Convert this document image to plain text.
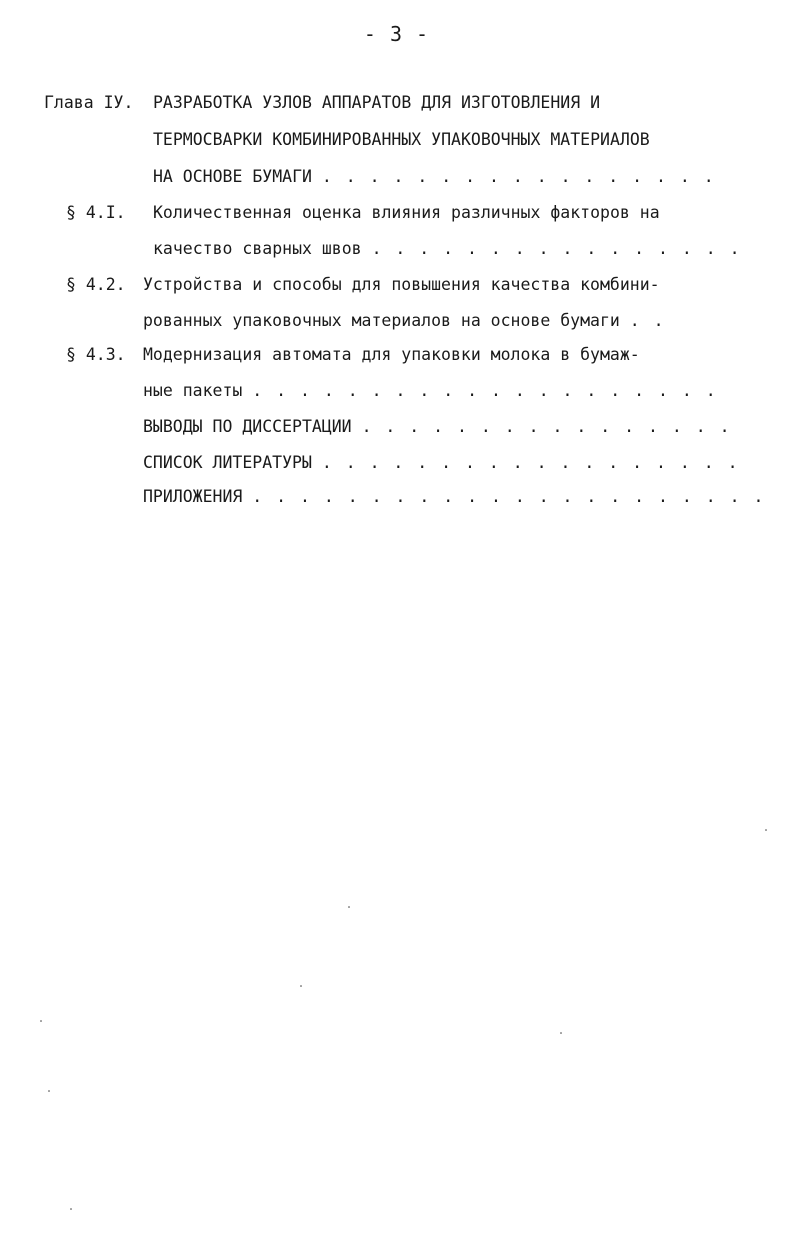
- 3 -
Глава IУ. РАЗРАБОТКА УЗЛОВ АППАРАТОВ ДЛЯ ИЗГОТОВЛЕНИЯ И
ТЕРМОСВАРКИ КОМБИНИРОВАННЫХ УПАКОВОЧНЫХ МАТЕРИАЛОВ
НА ОСНОВЕ БУМАГИ . . . . . . . . . . . . . . . . .
§ 4.I. Количественная оценка влияния различных факторов на
качество сварных швов . . . . . . . . . . . . . . . .
§ 4.2. Устройства и способы для повышения качества комбини-
рованных упаковочных материалов на основе бумаги . .
§ 4.3. Модернизация автомата для упаковки молока в бумаж-
ные пакеты . . . . . . . . . . . . . . . . . . . .
ВЫВОДЫ ПО ДИССЕРТАЦИИ . . . . . . . . . . . . . . . .
СПИСОК ЛИТЕРАТУРЫ . . . . . . . . . . . . . . . . . .
ПРИЛОЖЕНИЯ . . . . . . . . . . . . . . . . . . . . . .
